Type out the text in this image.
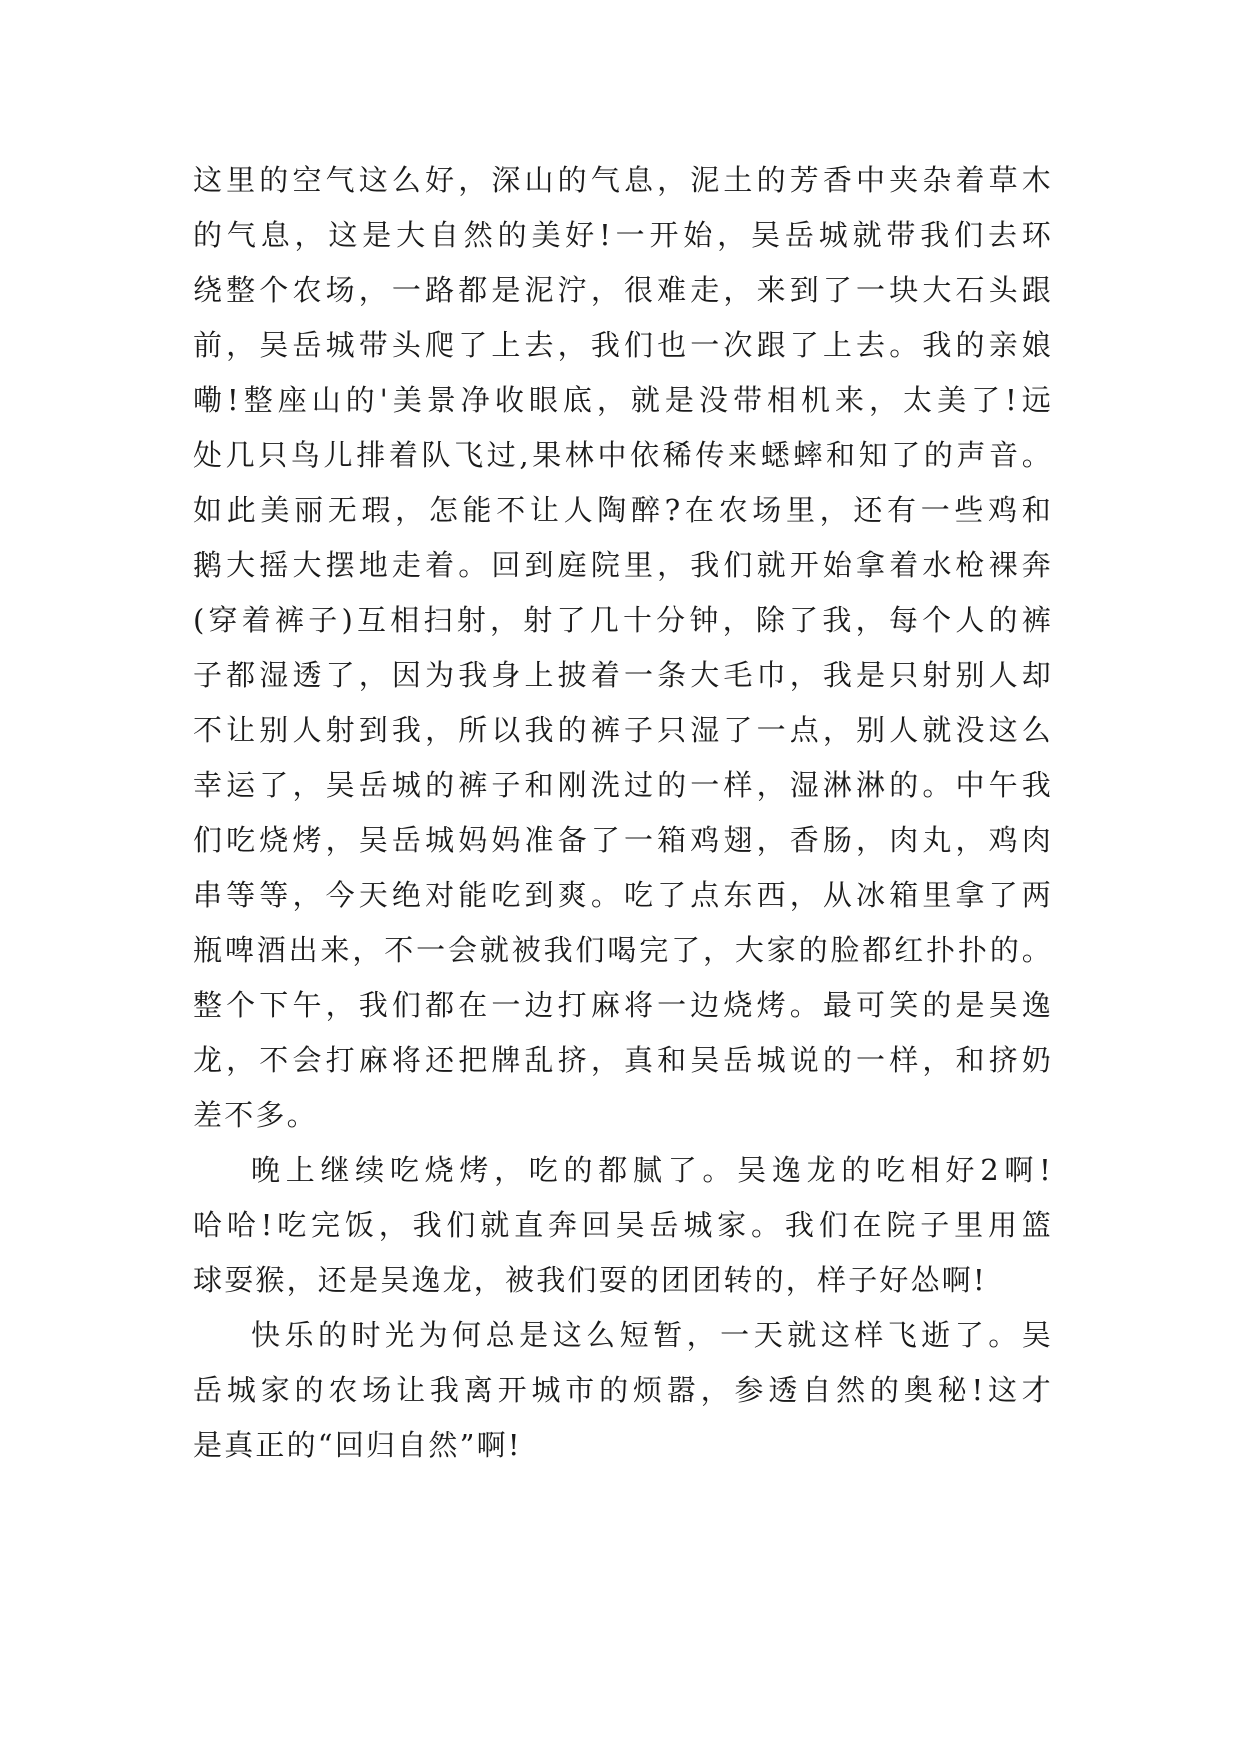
这里的空气这么好，深山的气息，泥土的芳香中夹杂着草木
的气息，这是大自然的美好!一开始，吴岳城就带我们去环
绕整个农场，一路都是泥泞，很难走，来到了一块大石头跟
前，吴岳城带头爬了上去，我们也一次跟了上去。我的亲娘
嘞!整座山的'美景净收眼底，就是没带相机来，太美了!远
处几只鸟儿排着队飞过,果林中依稀传来蟋蟀和知了的声音。
如此美丽无瑕，怎能不让人陶醉?在农场里，还有一些鸡和
鹅大摇大摆地走着。回到庭院里，我们就开始拿着水枪裸奔
(穿着裤子)互相扫射，射了几十分钟，除了我，每个人的裤
子都湿透了，因为我身上披着一条大毛巾，我是只射别人却
不让别人射到我，所以我的裤子只湿了一点，别人就没这么
幸运了，吴岳城的裤子和刚洗过的一样，湿淋淋的。中午我
们吃烧烤，吴岳城妈妈准备了一箱鸡翅，香肠，肉丸，鸡肉
串等等，今天绝对能吃到爽。吃了点东西，从冰箱里拿了两
瓶啤酒出来，不一会就被我们喝完了，大家的脸都红扑扑的。
整个下午，我们都在一边打麻将一边烧烤。最可笑的是吴逸
龙，不会打麻将还把牌乱挤，真和吴岳城说的一样，和挤奶
差不多。
晚上继续吃烧烤，吃的都腻了。吴逸龙的吃相好2啊!
哈哈!吃完饭，我们就直奔回吴岳城家。我们在院子里用篮
球耍猴，还是吴逸龙，被我们耍的团团转的，样子好怂啊!
快乐的时光为何总是这么短暂，一天就这样飞逝了。吴
岳城家的农场让我离开城市的烦嚣，参透自然的奥秘!这才
是真正的“回归自然”啊!
